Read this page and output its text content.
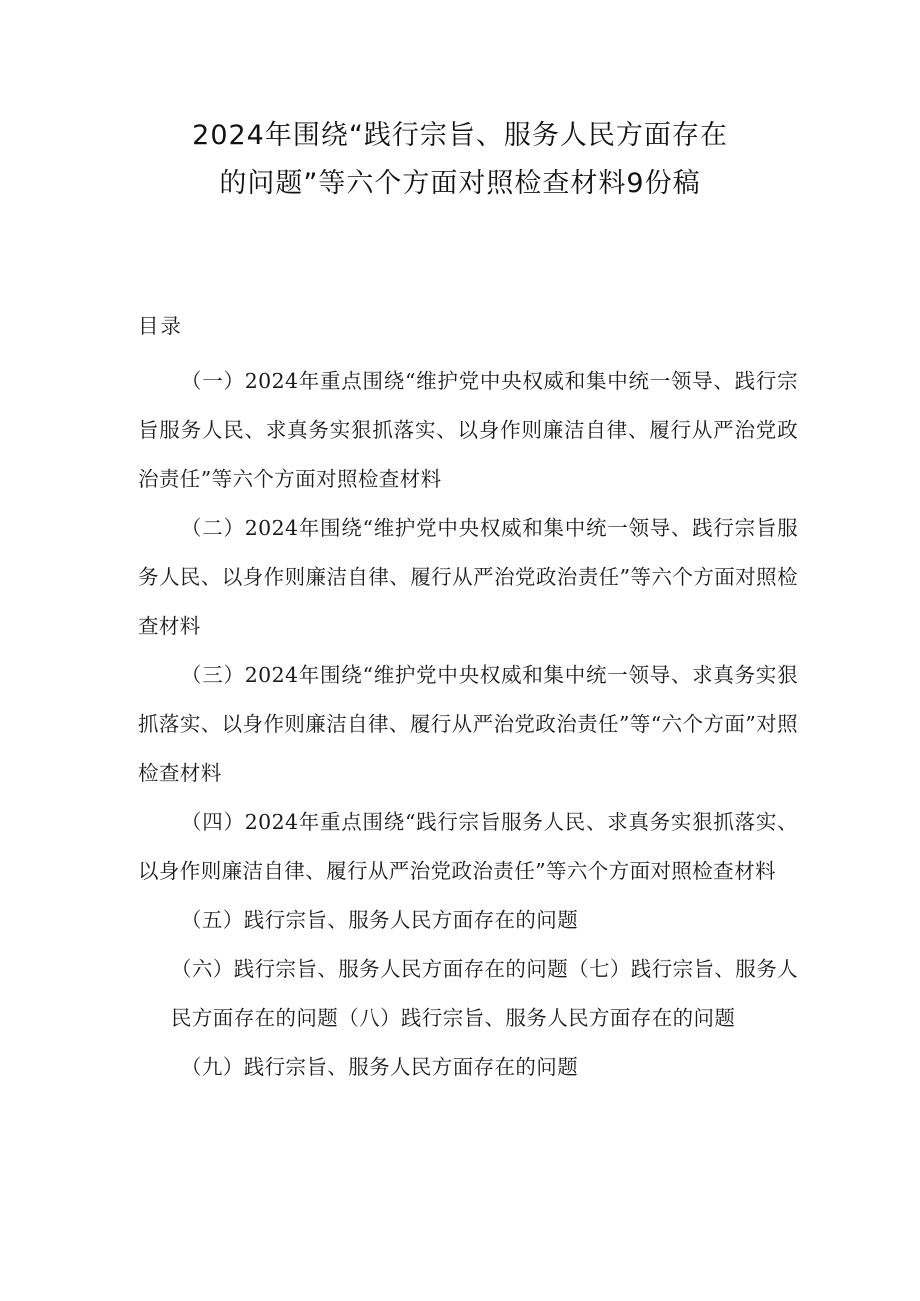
2024年围绕“践行宗旨、服务人民方面存在
的问题”等六个方面对照检查材料9份稿
目录
（一）2024年重点围绕“维护党中央权威和集中统一领导、践行宗旨服务人民、求真务实狠抓落实、以身作则廉洁自律、履行从严治党政治责任”等六个方面对照检查材料
（二）2024年围绕“维护党中央权威和集中统一领导、践行宗旨服务人民、以身作则廉洁自律、履行从严治党政治责任”等六个方面对照检查材料
（三）2024年围绕“维护党中央权威和集中统一领导、求真务实狠抓落实、以身作则廉洁自律、履行从严治党政治责任”等“六个方面”对照检查材料
（四）2024年重点围绕“践行宗旨服务人民、求真务实狠抓落实、以身作则廉洁自律、履行从严治党政治责任”等六个方面对照检查材料
（五）践行宗旨、服务人民方面存在的问题
（六）践行宗旨、服务人民方面存在的问题（七）践行宗旨、服务人民方面存在的问题（八）践行宗旨、服务人民方面存在的问题
（九）践行宗旨、服务人民方面存在的问题
